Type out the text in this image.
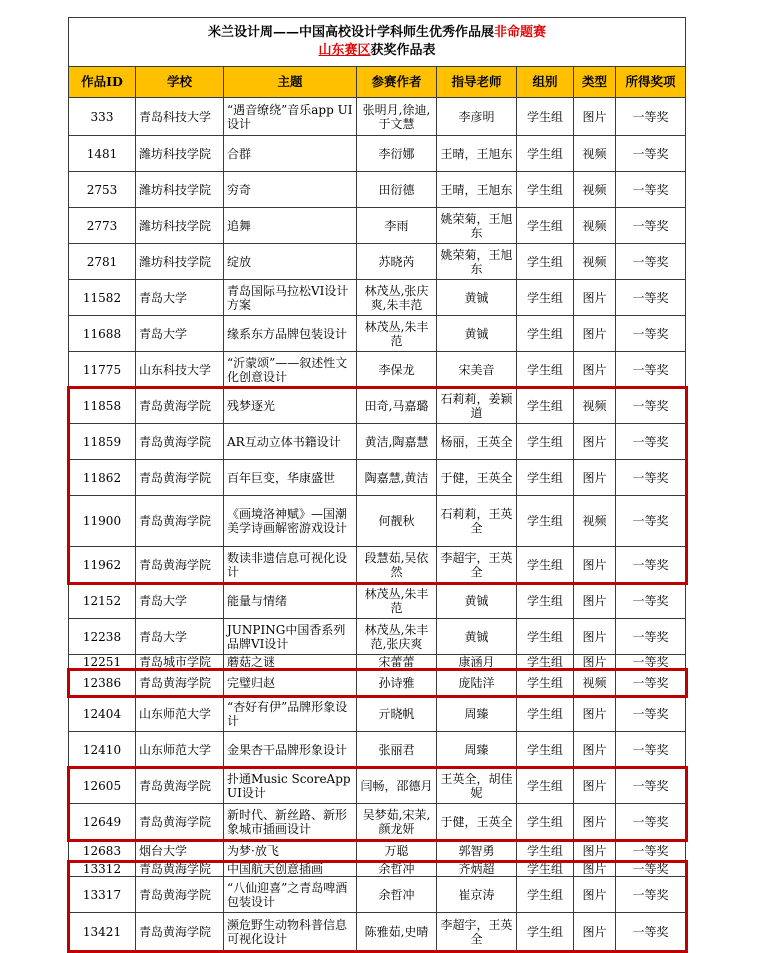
米兰设计周——中国高校设计学科师生优秀作品展非命题赛
山东赛区获奖作品表							
作品ID	学校	主题	参赛作者	指导老师	组别	类型	所得奖项
333	青岛科技大学	“遇音缭绕”音乐app UI设计	张明月,徐迪,于文慧	李彦明	学生组	图片	一等奖
1481	潍坊科技学院	合群	李衍娜	王晴，王旭东	学生组	视频	一等奖
2753	潍坊科技学院	穷奇	田衍德	王晴，王旭东	学生组	视频	一等奖
2773	潍坊科技学院	追舞	李雨	姚荣菊，王旭东	学生组	视频	一等奖
2781	潍坊科技学院	绽放	苏晓芮	姚荣菊，王旭东	学生组	视频	一等奖
11582	青岛大学	青岛国际马拉松VI设计方案	林茂丛,张庆爽,朱丰范	黄铖	学生组	图片	一等奖
11688	青岛大学	缘系东方品牌包装设计	林茂丛,朱丰范	黄铖	学生组	图片	一等奖
11775	山东科技大学	“沂蒙颂”——叙述性文化创意设计	李保龙	宋美音	学生组	图片	一等奖
11858	青岛黄海学院	残梦逐光	田奇,马嘉璐	石莉莉，姜颖道	学生组	视频	一等奖
11859	青岛黄海学院	AR互动立体书籍设计	黄洁,陶嘉慧	杨丽，王英全	学生组	图片	一等奖
11862	青岛黄海学院	百年巨变，华康盛世	陶嘉慧,黄洁	于健，王英全	学生组	图片	一等奖
11900	青岛黄海学院	《画境洛神赋》—国潮美学诗画解密游戏设计	何靓秋	石莉莉，王英全	学生组	视频	一等奖
11962	青岛黄海学院	数读非遗信息可视化设计	段慧茹,吴依然	李超宇，王英全	学生组	图片	一等奖
12152	青岛大学	能量与情绪	林茂丛,朱丰范	黄铖	学生组	图片	一等奖
12238	青岛大学	JUNPING中国香系列品牌VI设计	林茂丛,朱丰范,张庆爽	黄铖	学生组	图片	一等奖
12251	青岛城市学院	蘑菇之谜	宋蕾蕾	康涵月	学生组	图片	一等奖
12386	青岛黄海学院	完璧归赵	孙诗雅	庞陆洋	学生组	视频	一等奖
12404	山东师范大学	“杏好有伊”品牌形象设计	亓晓帆	周臻	学生组	图片	一等奖
12410	山东师范大学	金果杏干品牌形象设计	张丽君	周臻	学生组	图片	一等奖
12605	青岛黄海学院	扑通Music ScoreApp UI设计	闫畅，邵德月	王英全，胡佳妮	学生组	图片	一等奖
12649	青岛黄海学院	新时代、新丝路、新形象城市插画设计	吴梦茹,宋茉,颜龙妍	于健，王英全	学生组	图片	一等奖
12683	烟台大学	为梦·放飞	万聪	郭智勇	学生组	图片	一等奖
13312	青岛黄海学院	中国航天创意插画	余哲冲	齐炳超	学生组	图片	一等奖
13317	青岛黄海学院	“八仙迎喜”之青岛啤酒包装设计	余哲冲	崔京涛	学生组	图片	一等奖
13421	青岛黄海学院	濒危野生动物科普信息可视化设计	陈雅茹,史晴	李超宇，王英全	学生组	图片	一等奖
